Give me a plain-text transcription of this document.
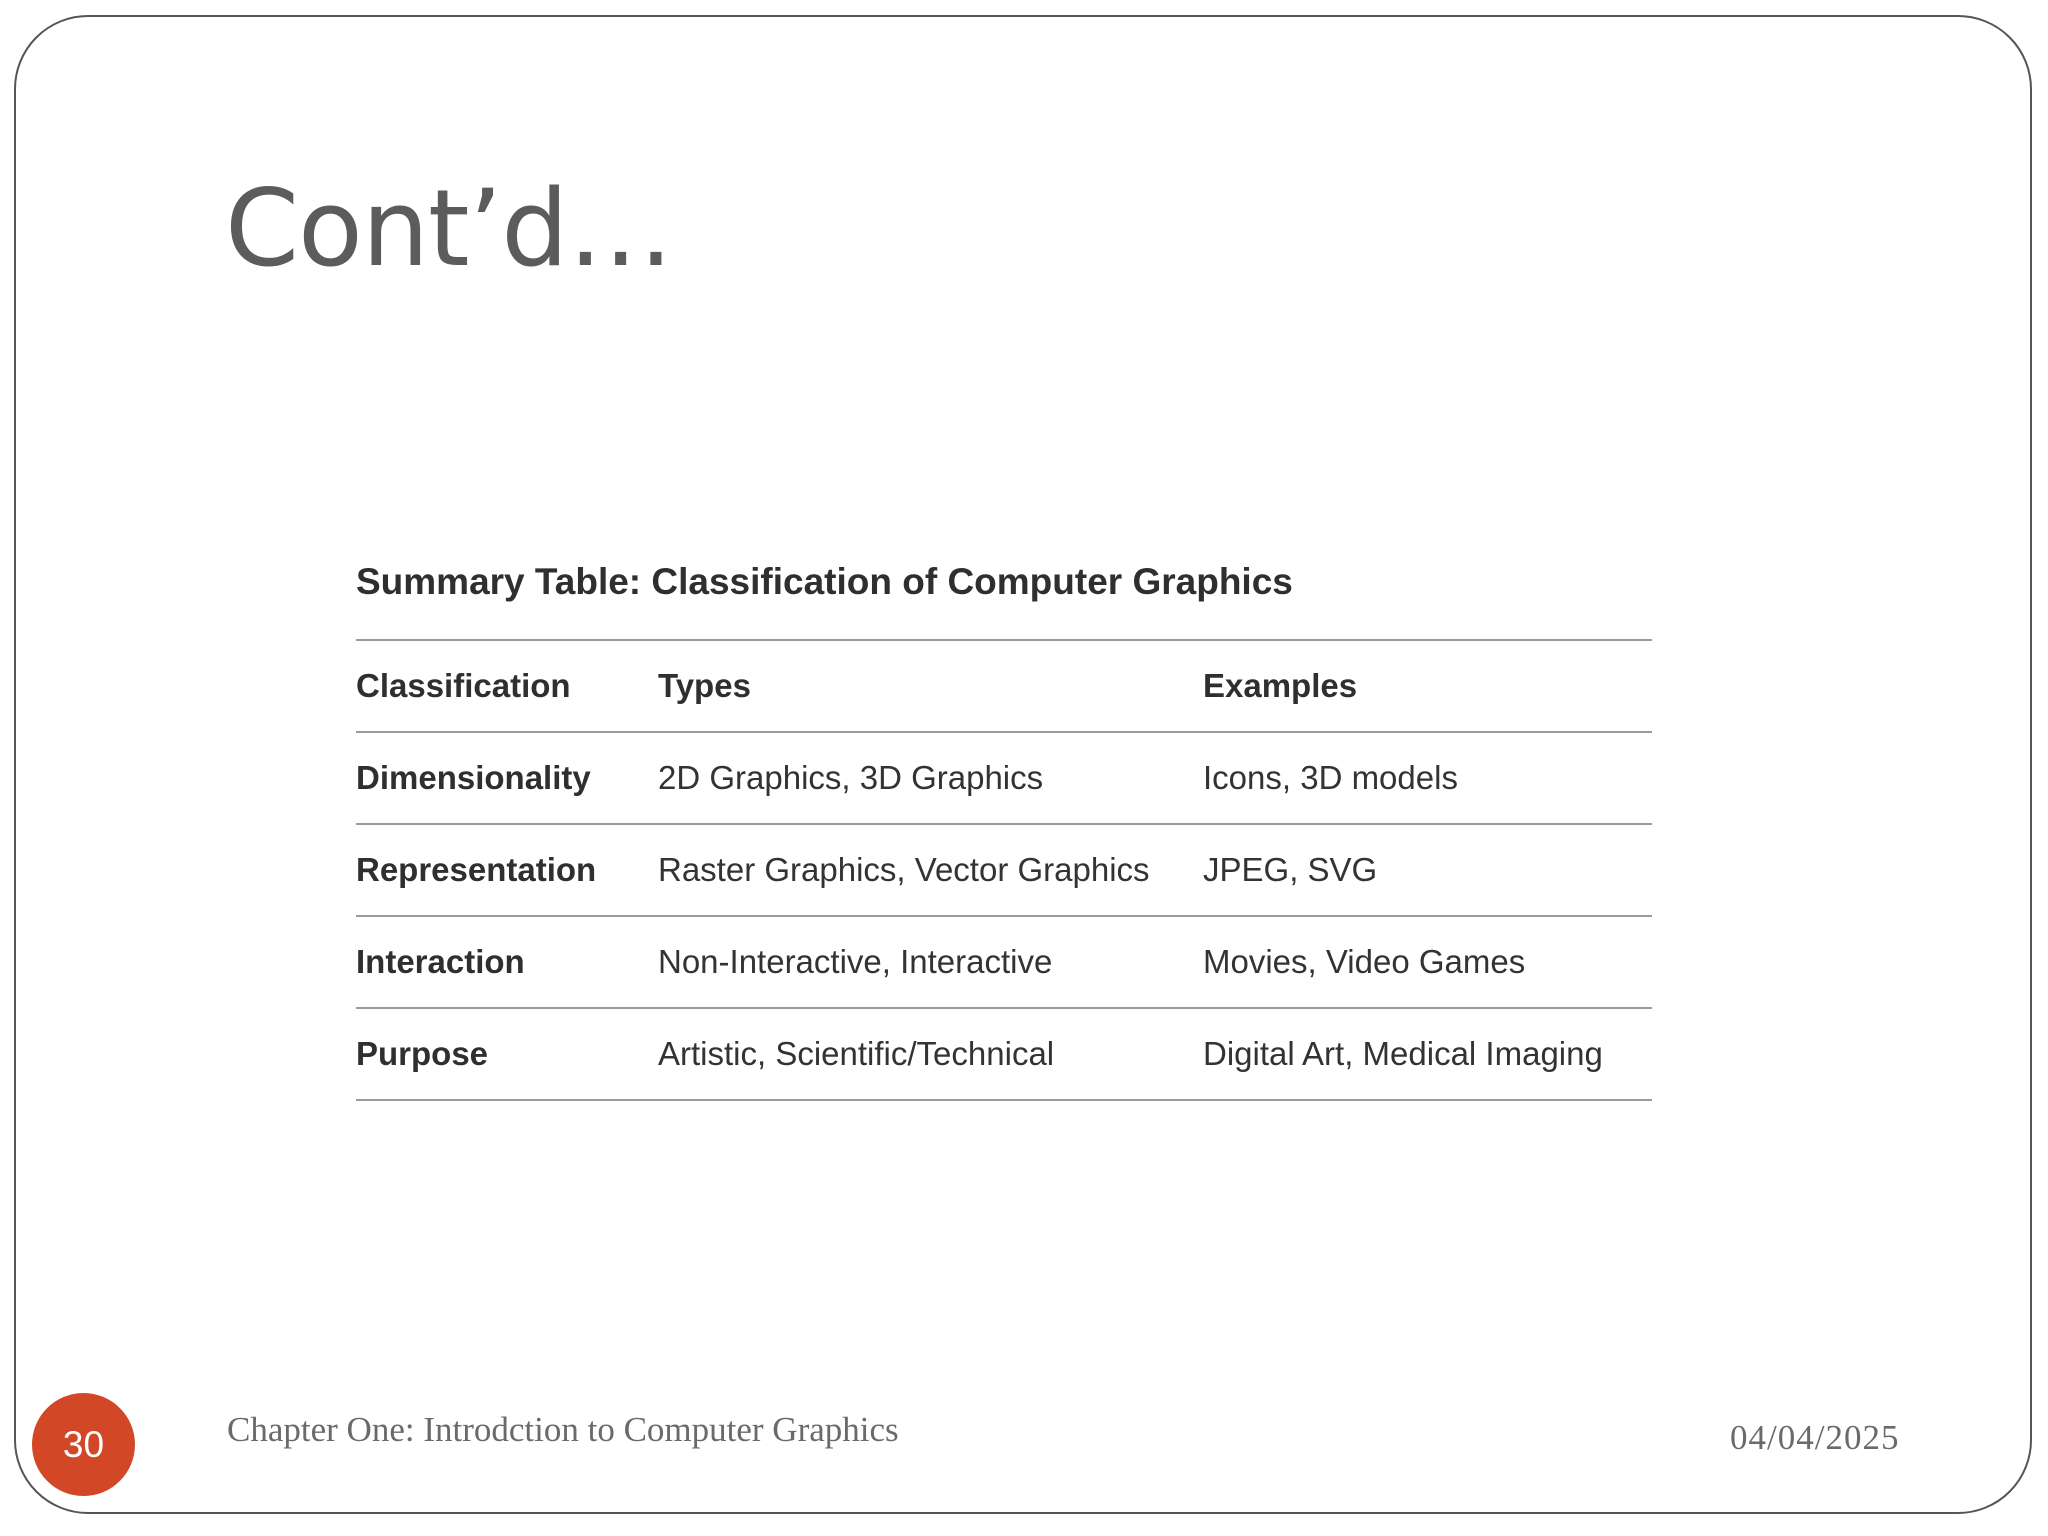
Cont’d…
Summary Table: Classification of Computer Graphics
Classification	Types	Examples
Dimensionality	2D Graphics, 3D Graphics	Icons, 3D models
Representation	Raster Graphics, Vector Graphics	JPEG, SVG
Interaction	Non-Interactive, Interactive	Movies, Video Games
Purpose	Artistic, Scientific/Technical	Digital Art, Medical Imaging
30	Chapter One: Introdction to Computer Graphics	04/04/2025
